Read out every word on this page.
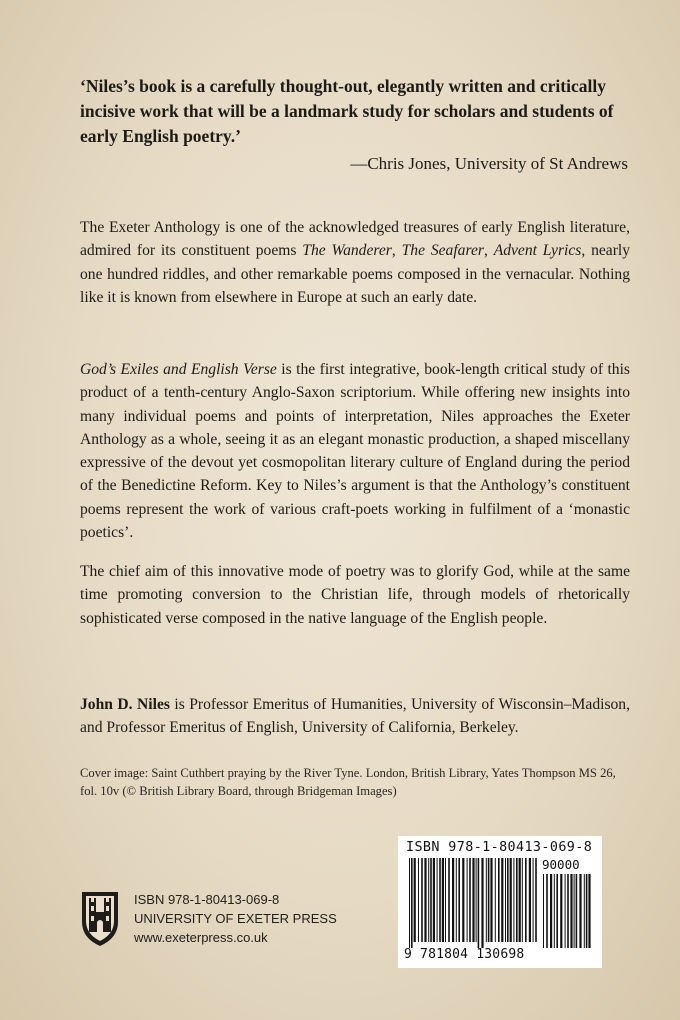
‘Niles’s book is a carefully thought-out, elegantly written and critically incisive work that will be a landmark study for scholars and students of early English poetry.’
—Chris Jones, University of St Andrews

The Exeter Anthology is one of the acknowledged treasures of early English literature, admired for its constituent poems The Wanderer, The Seafarer, Advent Lyrics, nearly one hundred riddles, and other remarkable poems composed in the vernacular. Nothing like it is known from elsewhere in Europe at such an early date.

God’s Exiles and English Verse is the first integrative, book-length critical study of this product of a tenth-century Anglo-Saxon scriptorium. While offering new insights into many individual poems and points of interpretation, Niles approaches the Exeter Anthology as a whole, seeing it as an elegant monastic production, a shaped miscellany expressive of the devout yet cosmopolitan literary culture of England during the period of the Benedictine Reform. Key to Niles’s argument is that the Anthology’s constituent poems represent the work of various craft-poets working in fulfilment of a ‘monastic poetics’.

The chief aim of this innovative mode of poetry was to glorify God, while at the same time promoting conversion to the Christian life, through models of rhetorically sophisticated verse composed in the native language of the English people.

John D. Niles is Professor Emeritus of Humanities, University of Wisconsin–Madison, and Professor Emeritus of English, University of California, Berkeley.

Cover image: Saint Cuthbert praying by the River Tyne. London, British Library, Yates Thompson MS 26, fol. 10v (© British Library Board, through Bridgeman Images)

ISBN 978-1-80413-069-8
UNIVERSITY OF EXETER PRESS
www.exeterpress.co.uk
ISBN 978-1-80413-069-8
90000
9 781804 130698
